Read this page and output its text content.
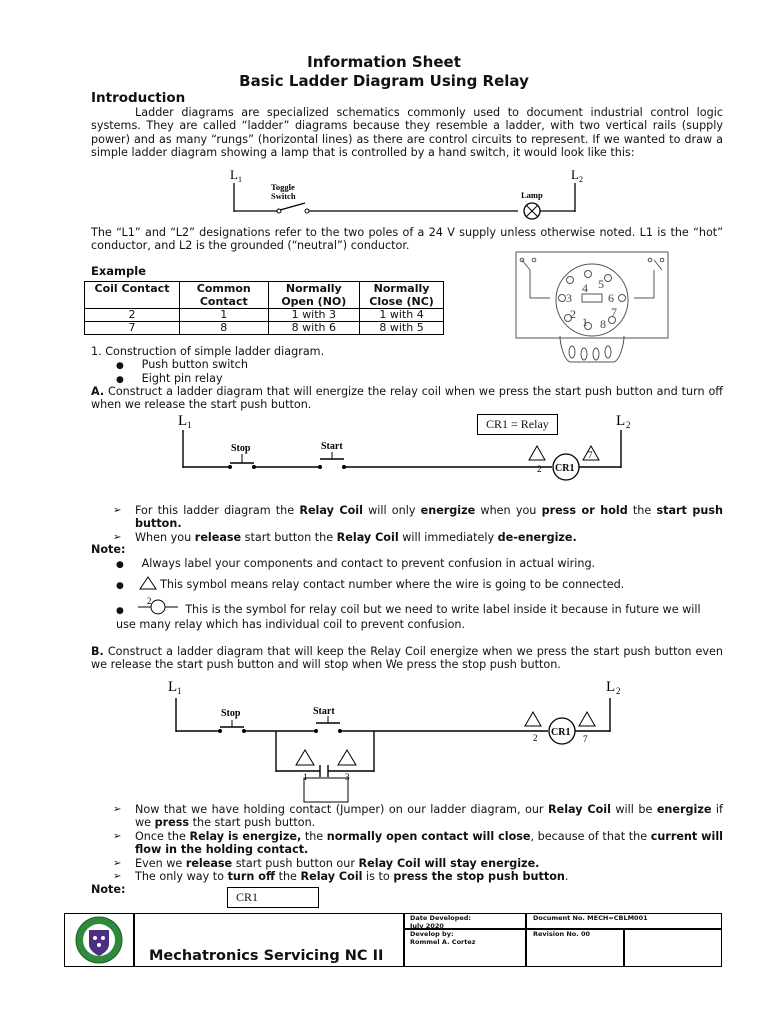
Information Sheet
Basic Ladder Diagram Using Relay
Introduction
Ladder diagrams are specialized schematics commonly used to document industrial control logic systems. They are called “ladder” diagrams because they resemble a ladder, with two vertical rails (supply power) and as many “rungs” (horizontal lines) as there are control circuits to represent. If we wanted to draw a simple ladder diagram showing a lamp that is controlled by a hand switch, it would look like this:
L 1	L 2
Toggle
Switch	Lamp
The “L1” and “L2” designations refer to the two poles of a 24 V supply unless otherwise noted. L1 is the “hot” conductor, and L2 is the grounded (“neutral”) conductor.
Example
Coil Contact	Common Contact	Normally Open (NO)	Normally Close (NC)
2	1	1 with 3	1 with 4
7	8	8 with 6	8 with 5
4 5
3	6
2	7
1 8
1. Construction of simple ladder diagram.
● Push button switch
● Eight pin relay
A. Construct a ladder diagram that will energize the relay coil when we press the start push button and turn off when we release the start push button.
L 1	L 2
Stop	Start
CR1
2
7
CR1 = Relay
➢	For this ladder diagram the Relay Coil will only energize when you press or hold the start push button.
➢	When you release start button the Relay Coil will immediately de-energize.
Note:
● Always label your components and contact to prevent confusion in actual wiring.
●	This symbol means relay contact number where the wire is going to be connected.
●
2
This is the symbol for relay coil but we need to write label inside it because in future we will use many relay which has individual coil to prevent confusion.
B. Construct a ladder diagram that will keep the Relay Coil energize when we press the start push button even we release the start push button and will stop when We press the stop push button.
L 1	L 2
Stop	Start
CR1
2	7
1	3
➢	Now that we have holding contact (Jumper) on our ladder diagram, our Relay Coil will be energize if we press the start push button.
➢	Once the Relay is energize, the normally open contact will close, because of that the current will flow in the holding contact.
➢	Even we release start push button our Relay Coil will stay energize.
➢	The only way to turn off the Relay Coil is to press the stop push button.
Note:
CR1
Mechatronics Servicing NC II
Date Developed:
July 2020
Develop by:
Rommel A. Cortez
Document No. MECH=CBLM001
Revision No. 00
